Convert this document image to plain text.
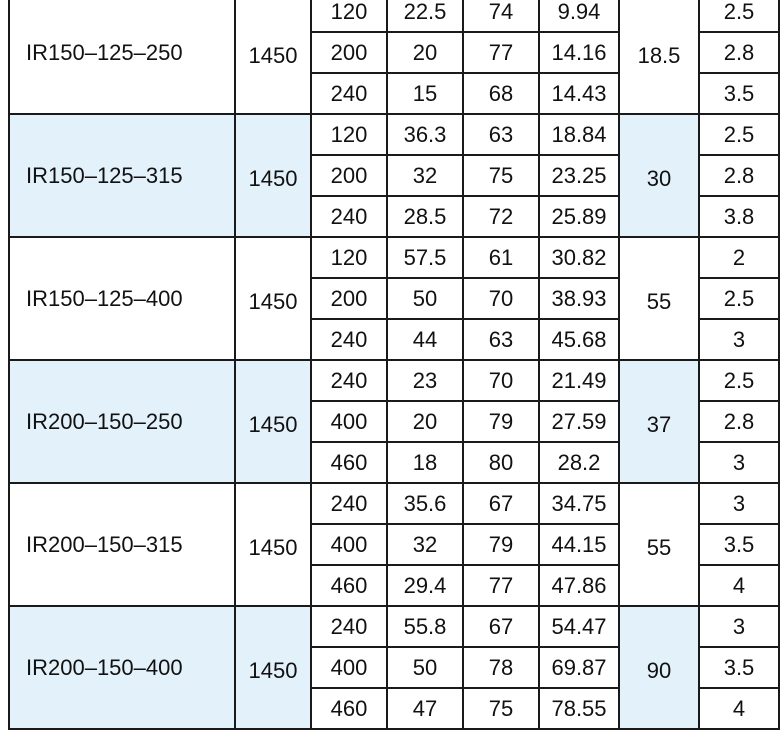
IR150–125–250	1450	120	22.5	74	9.94	18.5	2.5
		200	20	77	14.16		2.8
		240	15	68	14.43		3.5
IR150–125–315	1450	120	36.3	63	18.84	30	2.5
		200	32	75	23.25		2.8
		240	28.5	72	25.89		3.8
IR150–125–400	1450	120	57.5	61	30.82	55	2
		200	50	70	38.93		2.5
		240	44	63	45.68		3
IR200–150–250	1450	240	23	70	21.49	37	2.5
		400	20	79	27.59		2.8
		460	18	80	28.2		3
IR200–150–315	1450	240	35.6	67	34.75	55	3
		400	32	79	44.15		3.5
		460	29.4	77	47.86		4
IR200–150–400	1450	240	55.8	67	54.47	90	3
		400	50	78	69.87		3.5
		460	47	75	78.55		4
